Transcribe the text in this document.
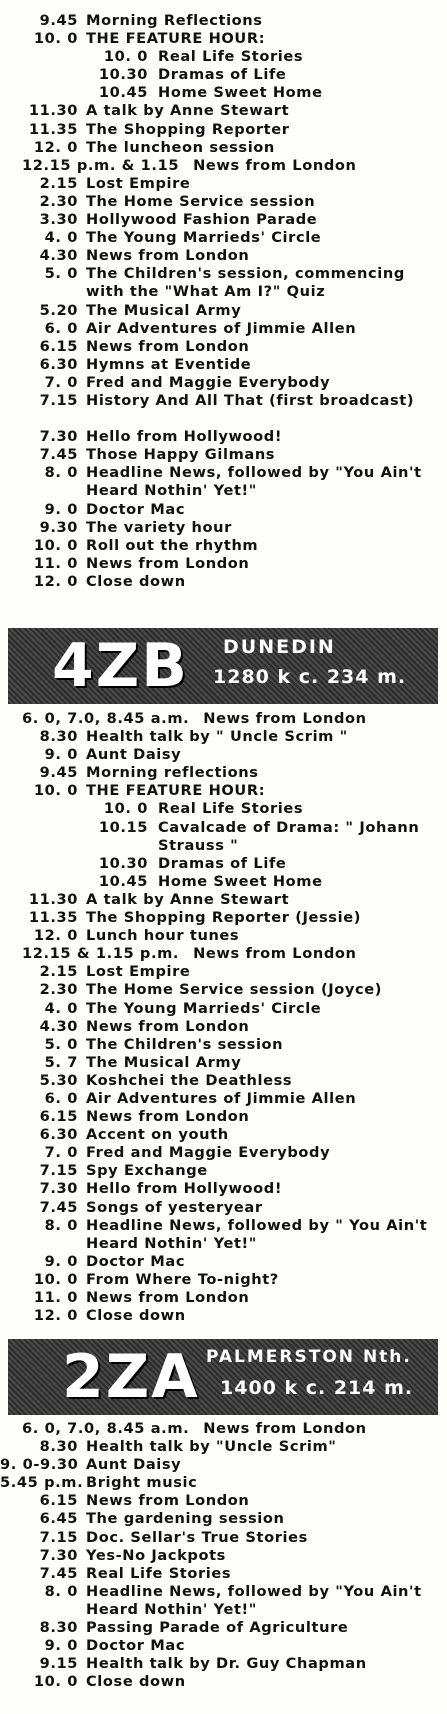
9.45 Morning Reflections
10. 0 THE FEATURE HOUR:
10. 0 Real Life Stories
10.30 Dramas of Life
10.45 Home Sweet Home
11.30 A talk by Anne Stewart
11.35 The Shopping Reporter
12. 0 The luncheon session
12.15 p.m. & 1.15 News from London
2.15 Lost Empire
2.30 The Home Service session
3.30 Hollywood Fashion Parade
4. 0 The Young Marrieds' Circle
4.30 News from London
5. 0 The Children's session, commencing with the "What Am I?" Quiz
5.20 The Musical Army
6. 0 Air Adventures of Jimmie Allen
6.15 News from London
6.30 Hymns at Eventide
7. 0 Fred and Maggie Everybody
7.15 History And All That (first broadcast)
7.30 Hello from Hollywood!
7.45 Those Happy Gilmans
8. 0 Headline News, followed by "You Ain't Heard Nothin' Yet!"
9. 0 Doctor Mac
9.30 The variety hour
10. 0 Roll out the rhythm
11. 0 News from London
12. 0 Close down
4ZB DUNEDIN
1280 k c. 234 m.
6. 0, 7.0, 8.45 a.m. News from London
8.30 Health talk by " Uncle Scrim "
9. 0 Aunt Daisy
9.45 Morning reflections
10. 0 THE FEATURE HOUR:
10. 0 Real Life Stories
10.15 Cavalcade of Drama: " Johann Strauss "
10.30 Dramas of Life
10.45 Home Sweet Home
11.30 A talk by Anne Stewart
11.35 The Shopping Reporter (Jessie)
12. 0 Lunch hour tunes
12.15 & 1.15 p.m. News from London
2.15 Lost Empire
2.30 The Home Service session (Joyce)
4. 0 The Young Marrieds' Circle
4.30 News from London
5. 0 The Children's session
5. 7 The Musical Army
5.30 Koshchei the Deathless
6. 0 Air Adventures of Jimmie Allen
6.15 News from London
6.30 Accent on youth
7. 0 Fred and Maggie Everybody
7.15 Spy Exchange
7.30 Hello from Hollywood!
7.45 Songs of yesteryear
8. 0 Headline News, followed by " You Ain't Heard Nothin' Yet!"
9. 0 Doctor Mac
10. 0 From Where To-night?
11. 0 News from London
12. 0 Close down
2ZA PALMERSTON Nth.
1400 k c. 214 m.
6. 0, 7.0, 8.45 a.m. News from London
8.30 Health talk by "Uncle Scrim"
9. 0-9.30 Aunt Daisy
5.45 p.m. Bright music
6.15 News from London
6.45 The gardening session
7.15 Doc. Sellar's True Stories
7.30 Yes-No Jackpots
7.45 Real Life Stories
8. 0 Headline News, followed by "You Ain't Heard Nothin' Yet!"
8.30 Passing Parade of Agriculture
9. 0 Doctor Mac
9.15 Health talk by Dr. Guy Chapman
10. 0 Close down
